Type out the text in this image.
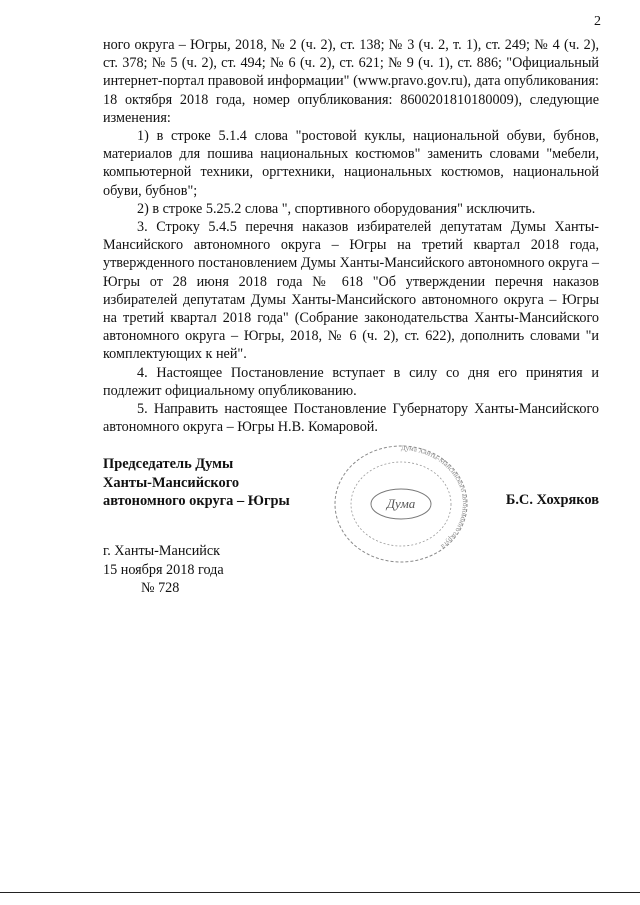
2

ного округа – Югры, 2018, № 2 (ч. 2), ст. 138; № 3 (ч. 2, т. 1), ст. 249; № 4 (ч. 2), ст. 378; № 5 (ч. 2), ст. 494; № 6 (ч. 2), ст. 621; № 9 (ч. 1), ст. 886; "Официальный интернет-портал правовой информации" (www.pravo.gov.ru), дата опубликования: 18 октября 2018 года, номер опубликования: 8600201810180009), следующие изменения:

1) в строке 5.1.4 слова "ростовой куклы, национальной обуви, бубнов, материалов для пошива национальных костюмов" заменить словами "мебели, компьютерной техники, оргтехники, национальных костюмов, национальной обуви, бубнов";

2) в строке 5.25.2 слова ", спортивного оборудования" исключить.

3. Строку 5.4.5 перечня наказов избирателей депутатам Думы Ханты-Мансийского автономного округа – Югры на третий квартал 2018 года, утвержденного постановлением Думы Ханты-Мансийского автономного округа – Югры от 28 июня 2018 года № 618 "Об утверждении перечня наказов избирателей депутатам Думы Ханты-Мансийского автономного округа – Югры на третий квартал 2018 года" (Собрание законодательства Ханты-Мансийского автономного округа – Югры, 2018, № 6 (ч. 2), ст. 622), дополнить словами "и комплектующих к ней".

4. Настоящее Постановление вступает в силу со дня его принятия и подлежит официальному опубликованию.

5. Направить настоящее Постановление Губернатору Ханты-Мансийского автономного округа – Югры Н.В. Комаровой.

Председатель Думы
Ханты-Мансийского
автономного округа – Югры
Дума Ханты-Мансийского автономного округа
Дума	Б.С. Хохряков
г. Ханты-Мансийск
15 ноября 2018 года
№ 728
